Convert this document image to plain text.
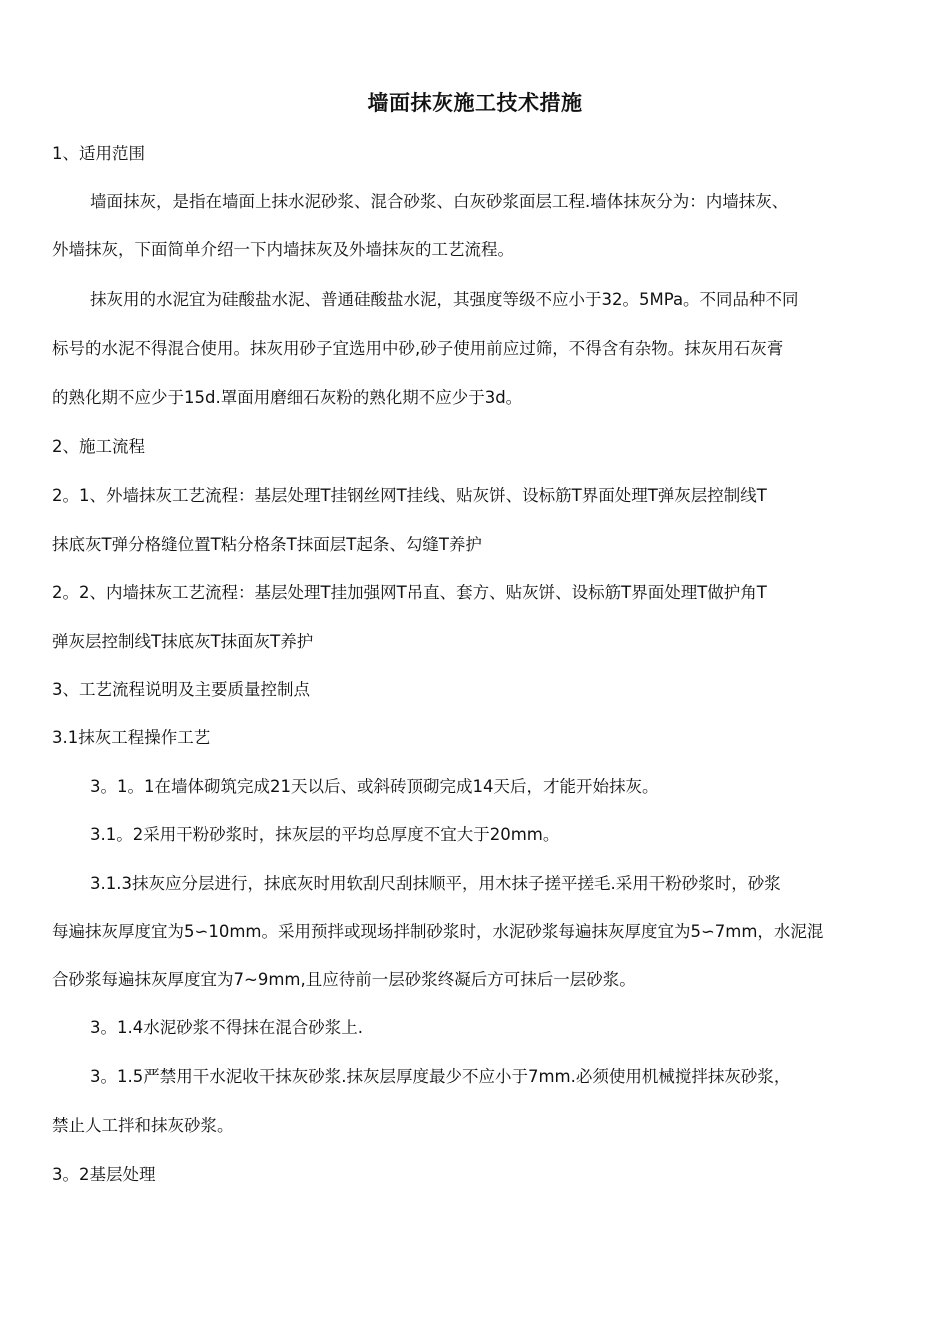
墙面抹灰施工技术措施
1、适用范围
墙面抹灰，是指在墙面上抹水泥砂浆、混合砂浆、白灰砂浆面层工程.墙体抹灰分为：内墙抹灰、
外墙抹灰，下面简单介绍一下内墙抹灰及外墙抹灰的工艺流程。
抹灰用的水泥宜为硅酸盐水泥、普通硅酸盐水泥，其强度等级不应小于32。5MPa。不同品种不同
标号的水泥不得混合使用。抹灰用砂子宜选用中砂,砂子使用前应过筛，不得含有杂物。抹灰用石灰膏
的熟化期不应少于15d.罩面用磨细石灰粉的熟化期不应少于3d。
2、施工流程
2。1、外墙抹灰工艺流程：基层处理T挂钢丝网T挂线、贴灰饼、设标筋T界面处理T弹灰层控制线T
抹底灰T弹分格缝位置T粘分格条T抹面层T起条、勾缝T养护
2。2、内墙抹灰工艺流程：基层处理T挂加强网T吊直、套方、贴灰饼、设标筋T界面处理T做护角T
弹灰层控制线T抹底灰T抹面灰T养护
3、工艺流程说明及主要质量控制点
3.1抹灰工程操作工艺
3。1。1在墙体砌筑完成21天以后、或斜砖顶砌完成14天后，才能开始抹灰。
3.1。2采用干粉砂浆时，抹灰层的平均总厚度不宜大于20mm。
3.1.3抹灰应分层进行，抹底灰时用软刮尺刮抹顺平，用木抹子搓平搓毛.采用干粉砂浆时，砂浆
每遍抹灰厚度宜为5∽10mm。采用预拌或现场拌制砂浆时，水泥砂浆每遍抹灰厚度宜为5∽7mm，水泥混
合砂浆每遍抹灰厚度宜为7~9mm,且应待前一层砂浆终凝后方可抹后一层砂浆。
3。1.4水泥砂浆不得抹在混合砂浆上.
3。1.5严禁用干水泥收干抹灰砂浆.抹灰层厚度最少不应小于7mm.必须使用机械搅拌抹灰砂浆，
禁止人工拌和抹灰砂浆。
3。2基层处理
